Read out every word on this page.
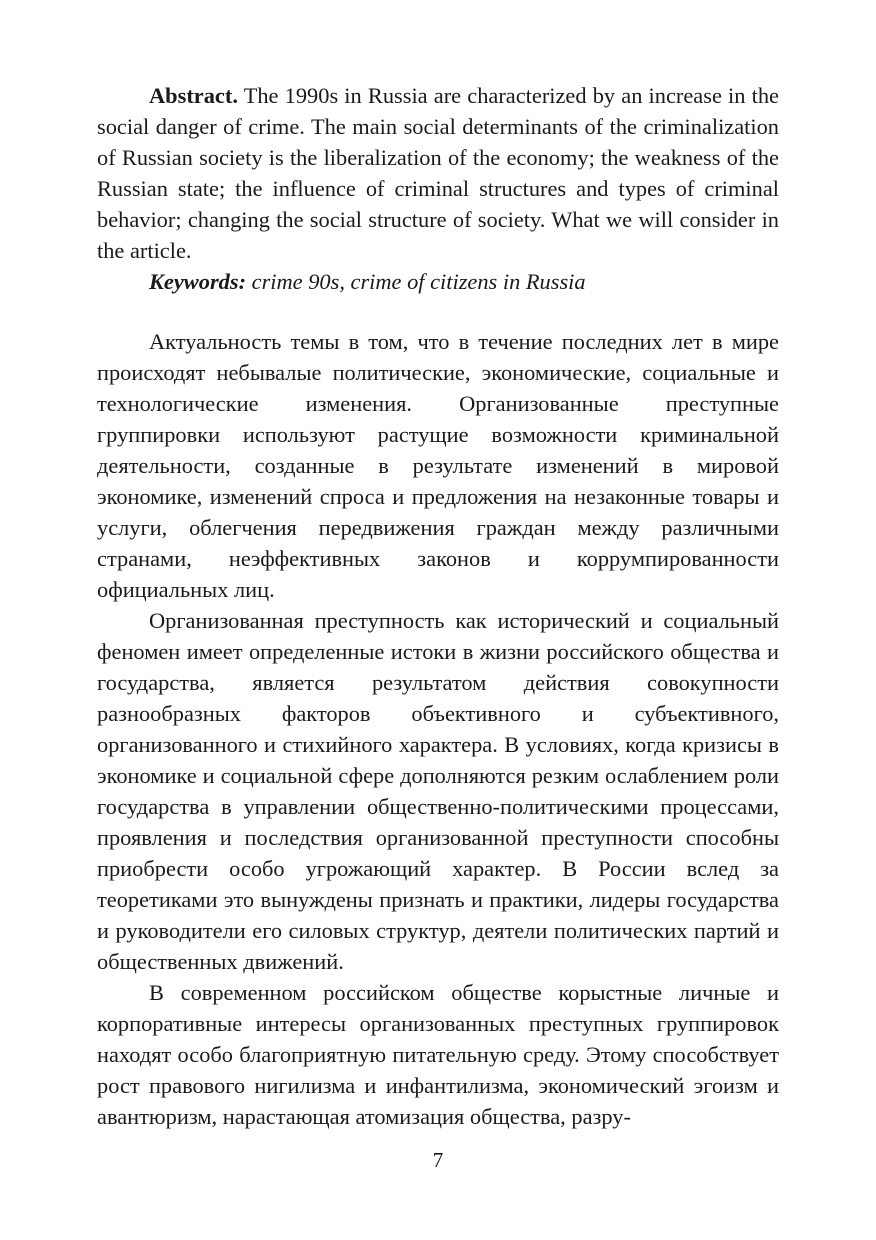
Abstract. The 1990s in Russia are characterized by an increase in the social danger of crime. The main social determinants of the criminalization of Russian society is the liberalization of the economy; the weakness of the Russian state; the influence of criminal structures and types of criminal behavior; changing the social structure of society. What we will consider in the article.

Keywords: crime 90s, crime of citizens in Russia

Актуальность темы в том, что в течение последних лет в мире происходят небывалые политические, экономические, социальные и технологические изменения. Организованные преступные группировки используют растущие возможности криминальной деятельности, созданные в результате изменений в мировой экономике, изменений спроса и предложения на незаконные товары и услуги, облегчения передвижения граждан между различными странами, неэффективных законов и коррумпированности официальных лиц.

Организованная преступность как исторический и социальный феномен имеет определенные истоки в жизни российского общества и государства, является результатом действия совокупности разнообразных факторов объективного и субъективного, организованного и стихийного характера. В условиях, когда кризисы в экономике и социальной сфере дополняются резким ослаблением роли государства в управлении общественно-политическими процессами, проявления и последствия организованной преступности способны приобрести особо угрожающий характер. В России вслед за теоретиками это вынуждены признать и практики, лидеры государства и руководители его силовых структур, деятели политических партий и общественных движений.

В современном российском обществе корыстные личные и корпоративные интересы организованных преступных группировок находят особо благоприятную питательную среду. Этому способствует рост правового нигилизма и инфантилизма, экономический эгоизм и авантюризм, нарастающая атомизация общества, разру-

7
